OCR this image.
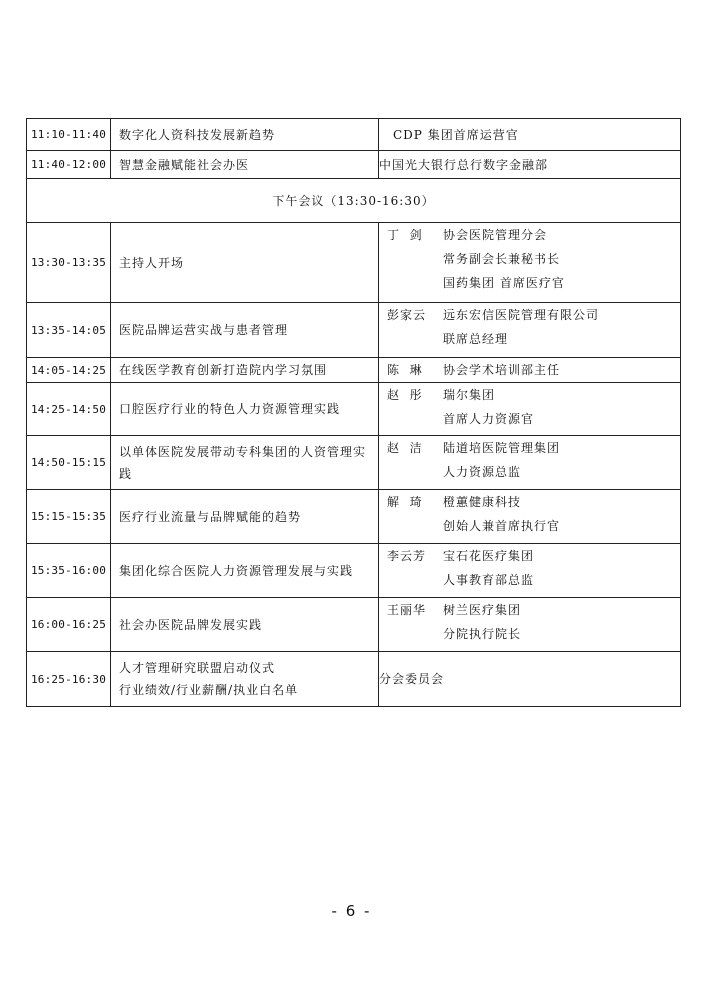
11:10-11:40	数字化人资科技发展新趋势	CDP 集团首席运营官
11:40-12:00	智慧金融赋能社会办医	中国光大银行总行数字金融部
下午会议（13:30-16:30）		
13:30-13:35	主持人开场	丁  剑 协会医院管理分会
常务副会长兼秘书长
国药集团 首席医疗官

13:35-14:05	医院品牌运营实战与患者管理	彭家云 远东宏信医院管理有限公司
联席总经理

14:05-14:25	在线医学教育创新打造院内学习氛围	陈  琳 协会学术培训部主任

14:25-14:50	口腔医疗行业的特色人力资源管理实践	赵  彤 瑞尔集团
首席人力资源官

14:50-15:15	以单体医院发展带动专科集团的人资管理实践	赵  洁 陆道培医院管理集团
人力资源总监

15:15-15:35	医疗行业流量与品牌赋能的趋势	解  琦 橙蕙健康科技
创始人兼首席执行官

15:35-16:00	集团化综合医院人力资源管理发展与实践	李云芳 宝石花医疗集团
人事教育部总监

16:00-16:25	社会办医院品牌发展实践	王丽华 树兰医疗集团
分院执行院长

16:25-16:30	人才管理研究联盟启动仪式
行业绩效/行业薪酬/执业白名单	分会委员会
- 6 -
